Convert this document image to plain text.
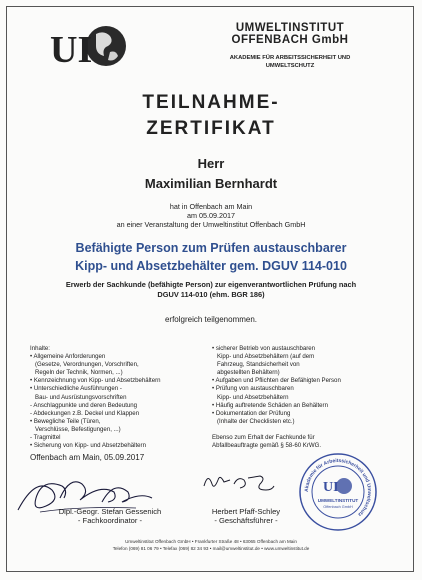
UI
UMWELTINSTITUT
OFFENBACH GmbH
AKADEMIE FÜR ARBEITSSICHERHEIT UND
UMWELTSCHUTZ
TEILNAHME-
ZERTIFIKAT
Herr
Maximilian Bernhardt
hat in Offenbach am Main
am 05.09.2017
an einer Veranstaltung der Umweltinstitut Offenbach GmbH
Befähigte Person zum Prüfen austauschbarer
Kipp- und Absetzbehälter gem. DGUV 114-010
Erwerb der Sachkunde (befähigte Person) zur eigenverantwortlichen Prüfung nach
DGUV 114-010 (ehm. BGR 186)
erfolgreich teilgenommen.
Inhalte:
• Allgemeine Anforderungen
(Gesetze, Verordnungen, Vorschriften,
Regeln der Technik, Normen, ...)
• Kennzeichnung von Kipp- und Absetzbehältern
• Unterschiedliche Ausführungen -
Bau- und Ausrüstungsvorschriften
- Anschlagpunkte und deren Bedeutung
- Abdeckungen z.B. Deckel und Klappen
• Bewegliche Teile (Türen,
Verschlüsse, Befestigungen, ...)
- Tragmittel
• Sicherung von Kipp- und Absetzbehältern
• sicherer Betrieb von austauschbaren
Kipp- und Absetzbehältern (auf dem
Fahrzeug, Standsicherheit von
abgestellten Behältern)
• Aufgaben und Pflichten der Befähigten Person
• Prüfung von austauschbaren
Kipp- und Absetzbehältern
• Häufig auftretende Schäden an Behältern
• Dokumentation der Prüfung
(Inhalte der Checklisten etc.)
Ebenso zum Erhalt der Fachkunde für
Abfallbeauftragte gemäß § 58-60 KrWG.
Offenbach am Main, 05.09.2017
Dipl.-Geogr. Stefan Gessenich
- Fachkoordinator -
Herbert Pfaff-Schley
- Geschäftsführer -
Akademie für Arbeitssicherheit und Umweltschutz
UI
UMWELTINSTITUT
Offenbach GmbH
Umweltinstitut Offenbach GmbH • Frankfurter Straße 48 • 63065 Offenbach am Main
Telefon (069) 81 06 79 • Telefax (069) 82 34 93 • mail@umweltinstitut.de • www.umweltinstitut.de
